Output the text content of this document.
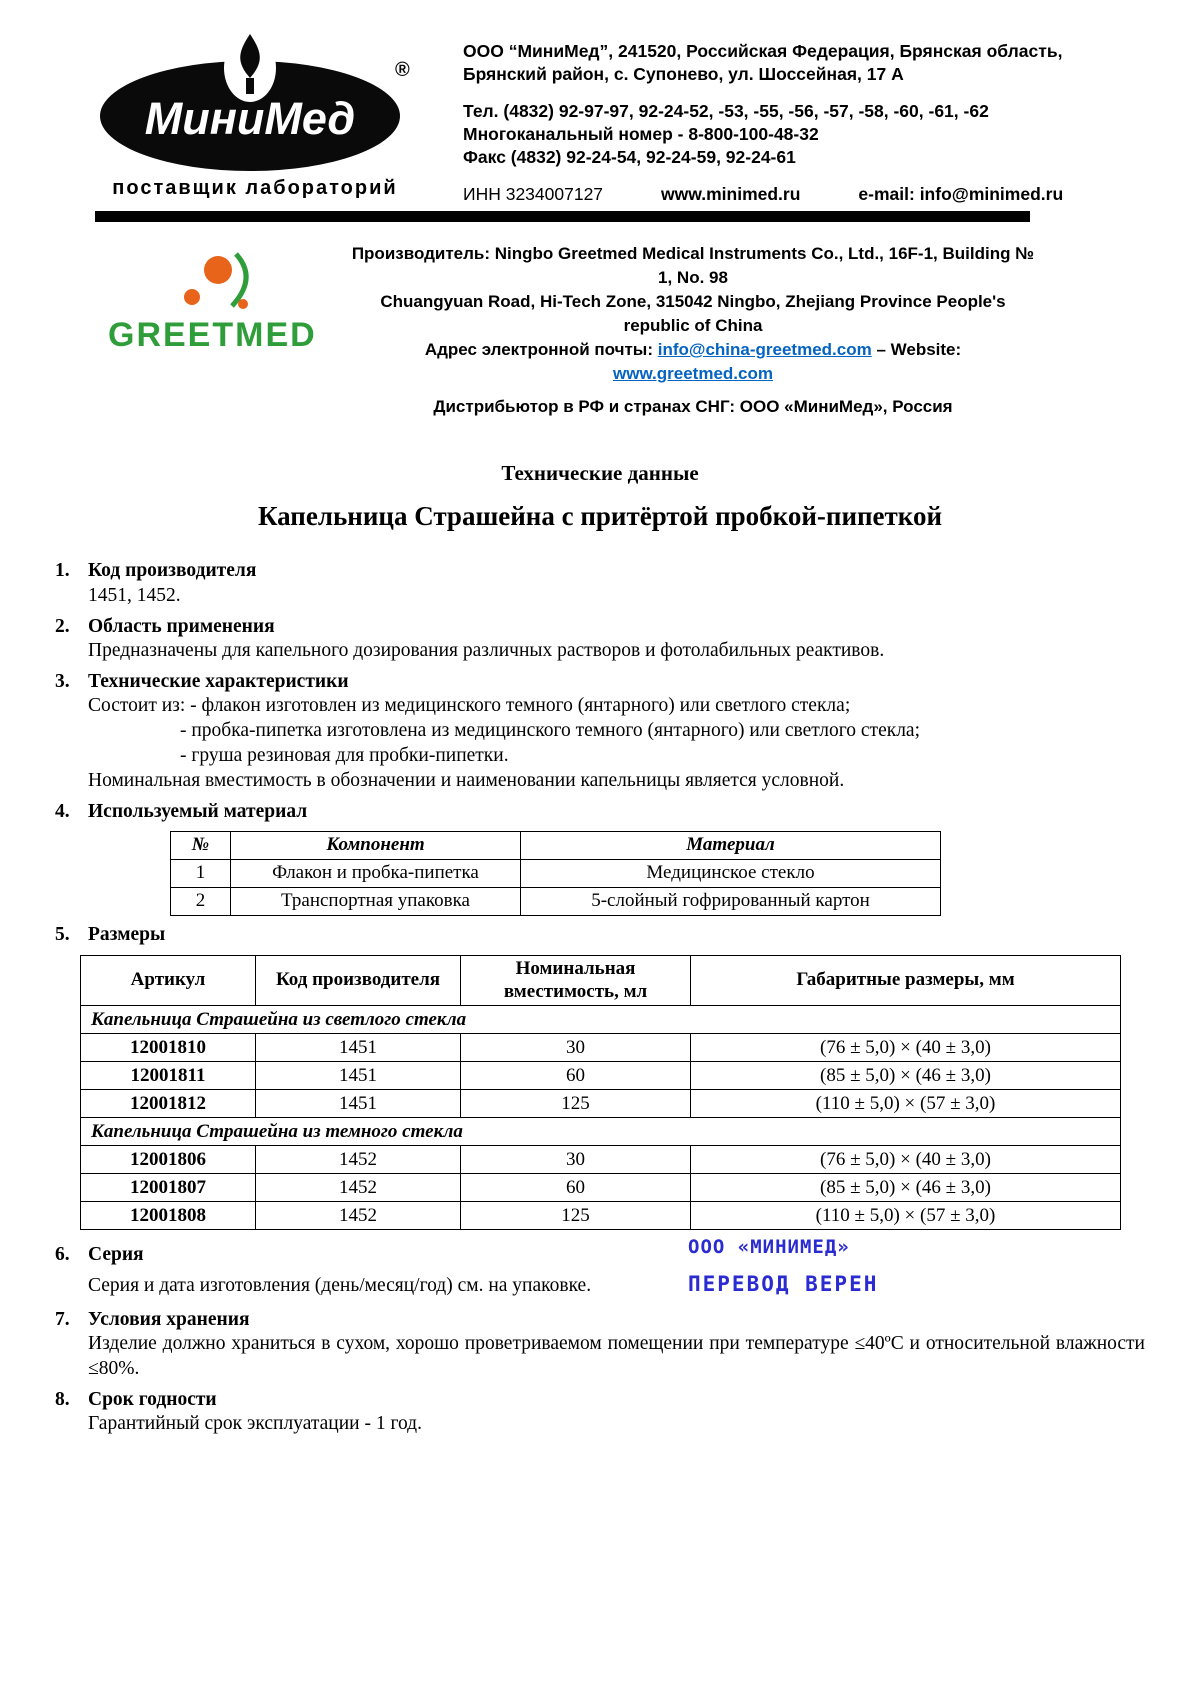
МиниМед
®
поставщик лабораторий
ООО “МиниМед”, 241520, Российская Федерация, Брянская область,
Брянский район, с. Супонево, ул. Шоссейная, 17 А
Тел. (4832) 92-97-97, 92-24-52, -53, -55, -56, -57, -58, -60, -61, -62
Многоканальный номер - 8-800-100-48-32
Факс (4832) 92-24-54, 92-24-59, 92-24-61
ИНН 3234007127	www.minimed.ru	e-mail: info@minimed.ru
GREETMED
Производитель: Ningbo Greetmed Medical Instruments Co., Ltd., 16F-1, Building № 1, No. 98
Chuangyuan Road, Hi-Tech Zone, 315042 Ningbo, Zhejiang Province People's republic of China
Адрес электронной почты: info@china-greetmed.com – Website: www.greetmed.com
Дистрибьютор в РФ и странах СНГ: ООО «МиниМед», Россия
Технические данные
Капельница Страшейна с притёртой пробкой-пипеткой
1. Код производителя
1451, 1452.
2. Область применения
Предназначены для капельного дозирования различных растворов и фотолабильных реактивов.
3. Технические характеристики
Состоит из: - флакон изготовлен из медицинского темного (янтарного) или светлого стекла;
- пробка-пипетка изготовлена из медицинского темного (янтарного) или светлого стекла;
- груша резиновая для пробки-пипетки.
Номинальная вместимость в обозначении и наименовании капельницы является условной.
4. Используемый материал
№	Компонент	Материал
1	Флакон и пробка-пипетка	Медицинское стекло
2	Транспортная упаковка	5-слойный гофрированный картон
5. Размеры
Артикул	Код производителя	Номинальная вместимость, мл	Габаритные размеры, мм
Капельница Страшейна из светлого стекла			
12001810	1451	30	(76 ± 5,0) × (40 ± 3,0)
12001811	1451	60	(85 ± 5,0) × (46 ± 3,0)
12001812	1451	125	(110 ± 5,0) × (57 ± 3,0)
Капельница Страшейна из темного стекла			
12001806	1452	30	(76 ± 5,0) × (40 ± 3,0)
12001807	1452	60	(85 ± 5,0) × (46 ± 3,0)
12001808	1452	125	(110 ± 5,0) × (57 ± 3,0)
6. Серия
Серия и дата изготовления (день/месяц/год) см. на упаковке.
ООО «МИНИМЕД»
ПЕРЕВОД ВЕРЕН
7. Условия хранения
Изделие должно храниться в сухом, хорошо проветриваемом помещении при температуре ≤40ºС и относительной влажности ≤80%.
8. Срок годности
Гарантийный срок эксплуатации - 1 год.
